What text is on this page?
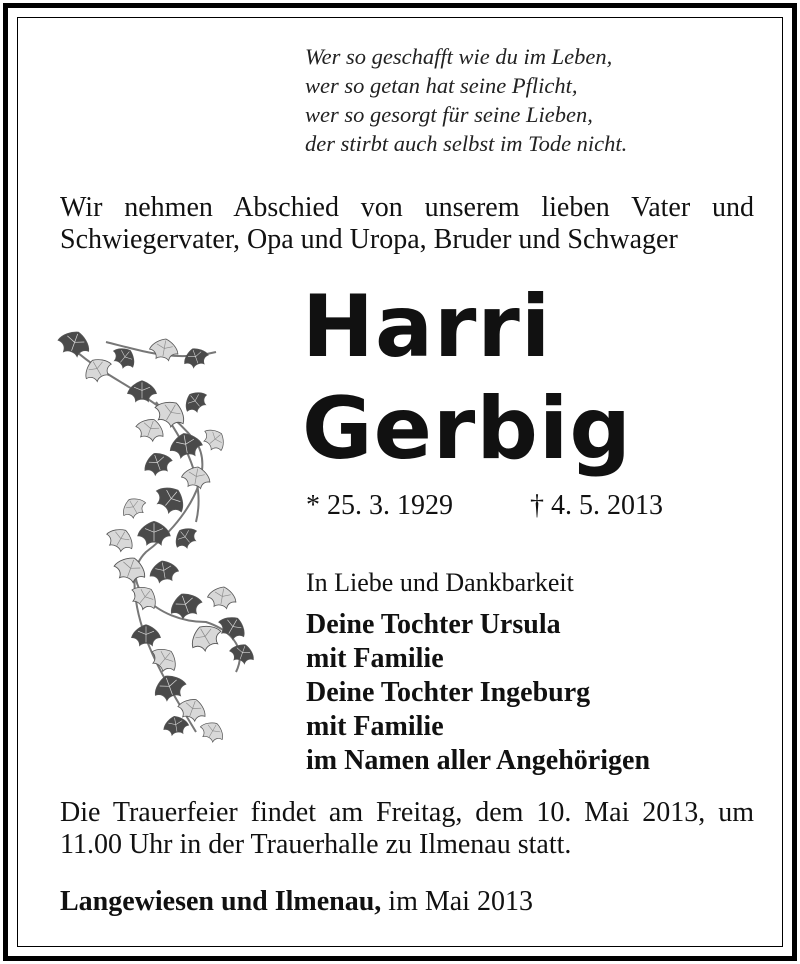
Wer so geschafft wie du im Leben,
wer so getan hat seine Pflicht,
wer so gesorgt für seine Lieben,
der stirbt auch selbst im Tode nicht.
Wir nehmen Abschied von unserem lieben Vater und Schwiegervater, Opa und Uropa, Bruder und Schwager
Harri
Gerbig
* 25. 3. 1929	† 4. 5. 2013
In Liebe und Dankbarkeit
Deine Tochter Ursula
mit Familie
Deine Tochter Ingeburg
mit Familie
im Namen aller Angehörigen
Die Trauerfeier findet am Freitag, dem 10. Mai 2013, um 11.00 Uhr in der Trauerhalle zu Ilmenau statt.
Langewiesen und Ilmenau, im Mai 2013
